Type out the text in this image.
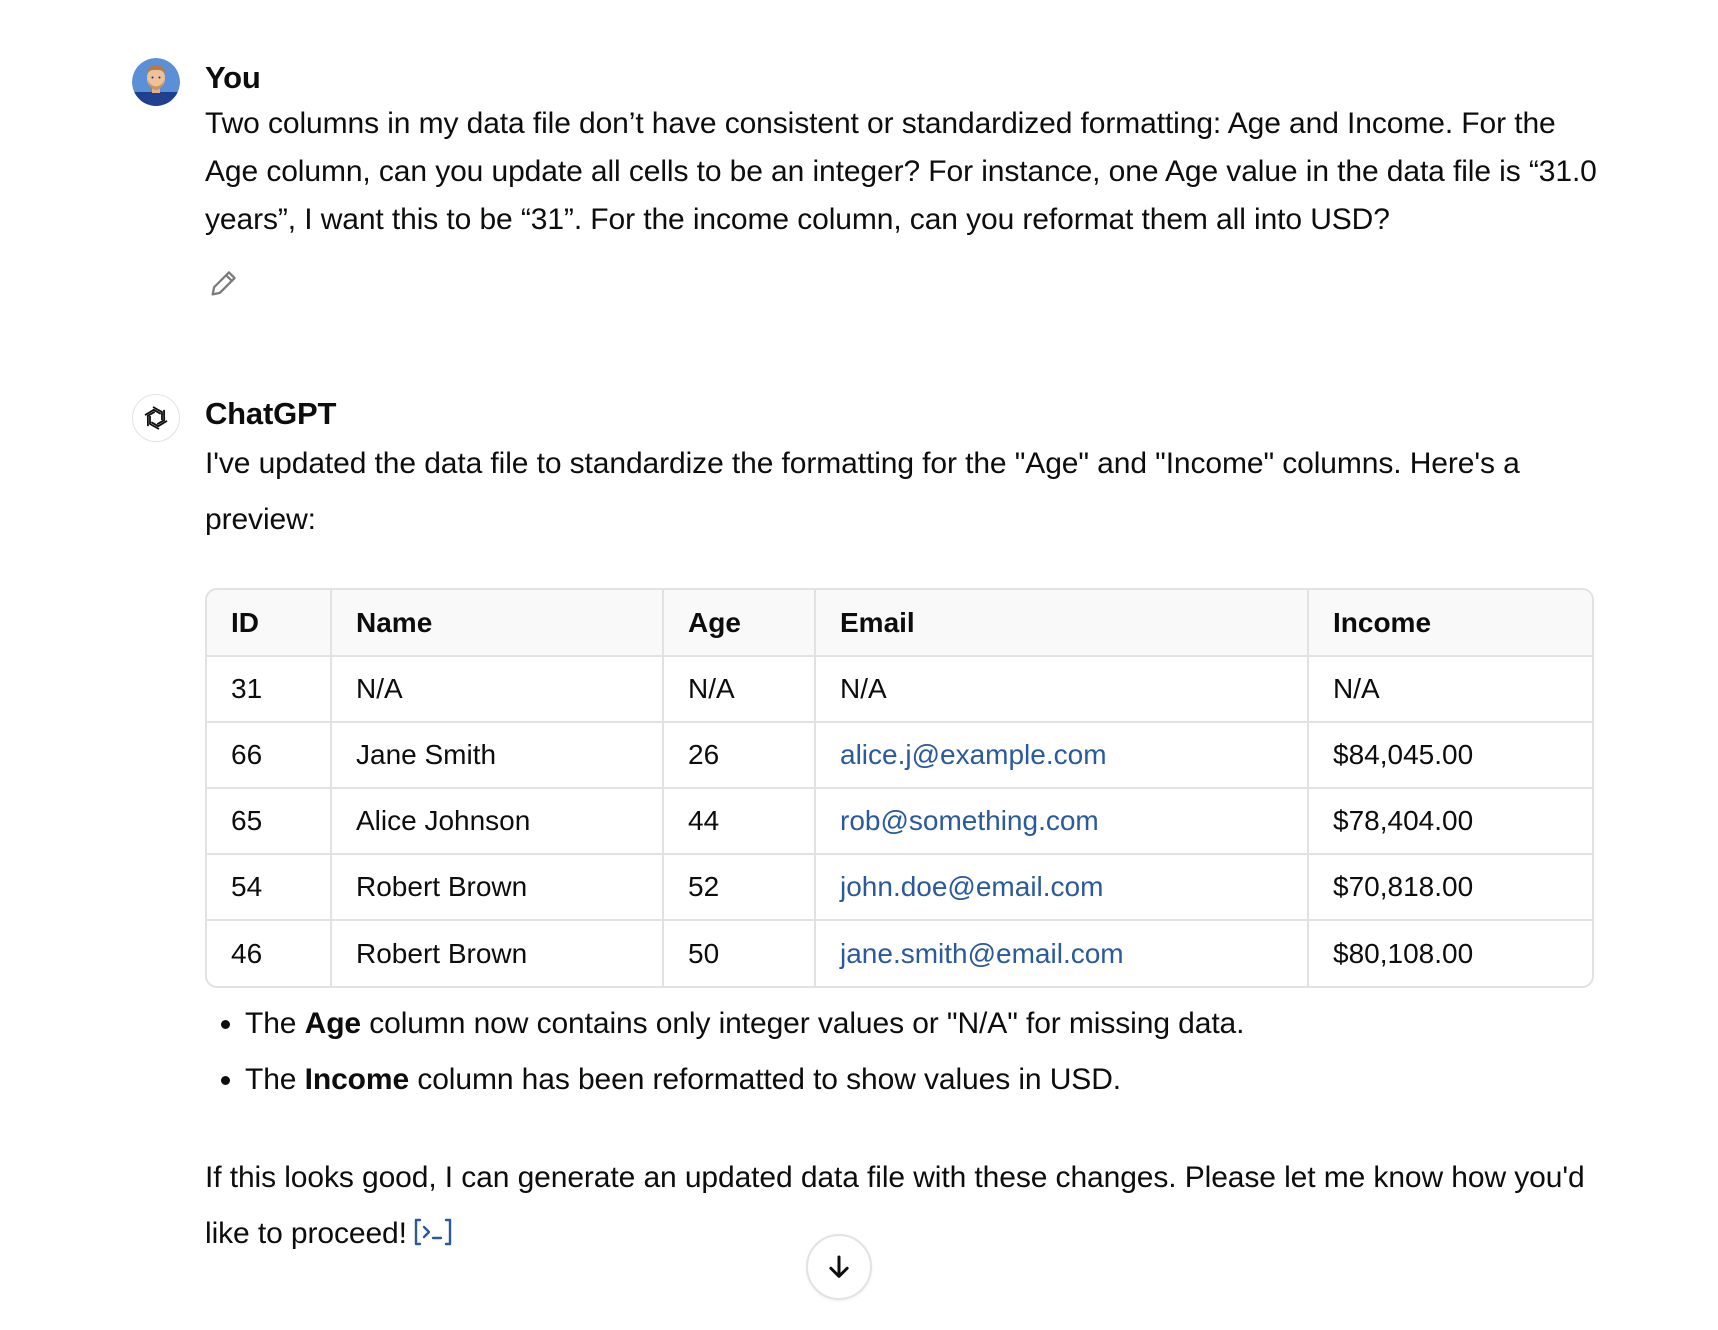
You

Two columns in my data file don’t have consistent or standardized formatting: Age and Income. For the Age column, can you update all cells to be an integer? For instance, one Age value in the data file is “31.0 years”, I want this to be “31”. For the income column, can you reformat them all into USD?

ChatGPT

I've updated the data file to standardize the formatting for the "Age" and "Income" columns. Here's a preview:

ID	Name	Age	Email	Income
31	N/A	N/A	N/A	N/A
66	Jane Smith	26	alice.j@example.com	$84,045.00
65	Alice Johnson	44	rob@something.com	$78,404.00
54	Robert Brown	52	john.doe@email.com	$70,818.00
46	Robert Brown	50	jane.smith@email.com	$80,108.00
• The Age column now contains only integer values or "N/A" for missing data.
• The Income column has been reformatted to show values in USD.

If this looks good, I can generate an updated data file with these changes. Please let me know how you'd like to proceed!
